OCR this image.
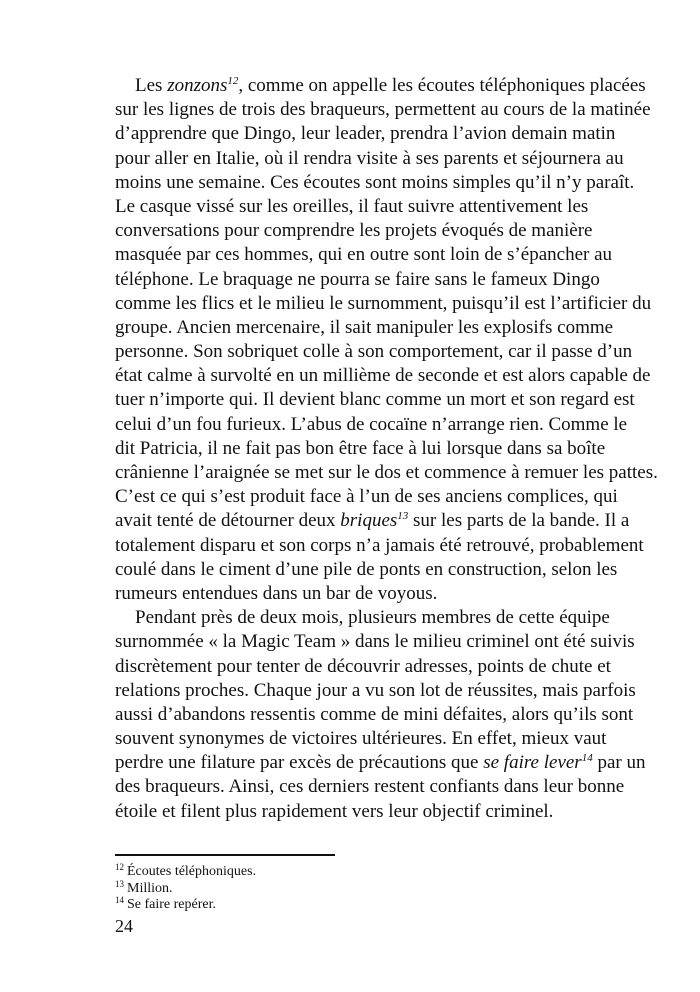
Les zonzons$^{12}$, comme on appelle les écoutes téléphoniques placées
sur les lignes de trois des braqueurs, permettent au cours de la matinée
d’apprendre que Dingo, leur leader, prendra l’avion demain matin
pour aller en Italie, où il rendra visite à ses parents et séjournera au
moins une semaine. Ces écoutes sont moins simples qu’il n’y paraît.
Le casque vissé sur les oreilles, il faut suivre attentivement les
conversations pour comprendre les projets évoqués de manière
masquée par ces hommes, qui en outre sont loin de s’épancher au
téléphone. Le braquage ne pourra se faire sans le fameux Dingo
comme les flics et le milieu le surnomment, puisqu’il est l’artificier du
groupe. Ancien mercenaire, il sait manipuler les explosifs comme
personne. Son sobriquet colle à son comportement, car il passe d’un
état calme à survolté en un millième de seconde et est alors capable de
tuer n’importe qui. Il devient blanc comme un mort et son regard est
celui d’un fou furieux. L’abus de cocaïne n’arrange rien. Comme le
dit Patricia, il ne fait pas bon être face à lui lorsque dans sa boîte
crânienne l’araignée se met sur le dos et commence à remuer les pattes.
C’est ce qui s’est produit face à l’un de ses anciens complices, qui
avait tenté de détourner deux briques$^{13}$ sur les parts de la bande. Il a
totalement disparu et son corps n’a jamais été retrouvé, probablement
coulé dans le ciment d’une pile de ponts en construction, selon les
rumeurs entendues dans un bar de voyous.
Pendant près de deux mois, plusieurs membres de cette équipe
surnommée « la Magic Team » dans le milieu criminel ont été suivis
discrètement pour tenter de découvrir adresses, points de chute et
relations proches. Chaque jour a vu son lot de réussites, mais parfois
aussi d’abandons ressentis comme de mini défaites, alors qu’ils sont
souvent synonymes de victoires ultérieures. En effet, mieux vaut
perdre une filature par excès de précautions que se faire lever$^{14}$ par un
des braqueurs. Ainsi, ces derniers restent confiants dans leur bonne
étoile et filent plus rapidement vers leur objectif criminel.
$^{12}$ Écoutes téléphoniques.
$^{13}$ Million.
$^{14}$ Se faire repérer.
24
